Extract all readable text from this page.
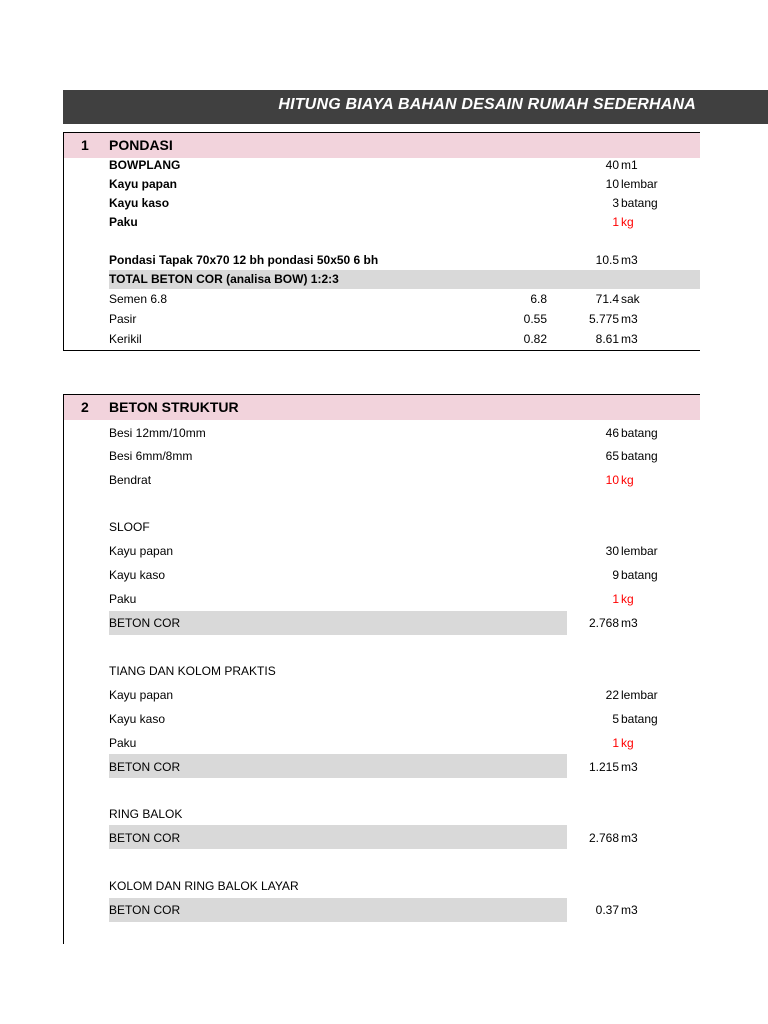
HITUNG BIAYA BAHAN DESAIN RUMAH SEDERHANA
1 PONDASI
BOWPLANG	40 m1
Kayu papan	10 lembar
Kayu kaso	3 batang
Paku	1 kg
Pondasi Tapak 70x70 12 bh pondasi 50x50 6 bh	10.5 m3
TOTAL BETON COR (analisa BOW) 1:2:3
Semen 6.8	6.8	71.4 sak
Pasir	0.55	5.775 m3
Kerikil	0.82	8.61 m3
2 BETON STRUKTUR
Besi 12mm/10mm	46 batang
Besi 6mm/8mm	65 batang
Bendrat	10 kg
SLOOF
Kayu papan	30 lembar
Kayu kaso	9 batang
Paku	1 kg
BETON COR	2.768 m3
TIANG DAN KOLOM PRAKTIS
Kayu papan	22 lembar
Kayu kaso	5 batang
Paku	1 kg
BETON COR	1.215 m3
RING BALOK
BETON COR	2.768 m3
KOLOM DAN RING BALOK LAYAR
BETON COR	0.37 m3
